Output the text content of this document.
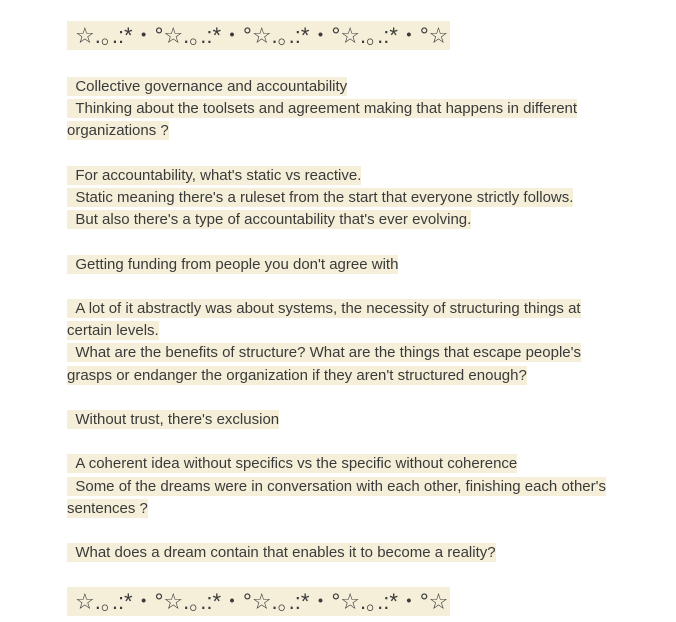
☆.｡.:*・°☆.｡.:*・°☆.｡.:*・°☆.｡.:*・°☆
Collective governance and accountability
Thinking about the toolsets and agreement making that happens in different organizations ?
For accountability, what's static vs reactive.
Static meaning there's a ruleset from the start that everyone strictly follows.
But also there's a type of accountability that's ever evolving.
Getting funding from people you don't agree with
A lot of it abstractly was about systems, the necessity of structuring things at certain levels.
What are the benefits of structure? What are the things that escape people's grasps or endanger the organization if they aren't structured enough?
Without trust, there's exclusion
A coherent idea without specifics vs the specific without coherence
Some of the dreams were in conversation with each other, finishing each other's sentences ?
What does a dream contain that enables it to become a reality?
☆.｡.:*・°☆.｡.:*・°☆.｡.:*・°☆.｡.:*・°☆
